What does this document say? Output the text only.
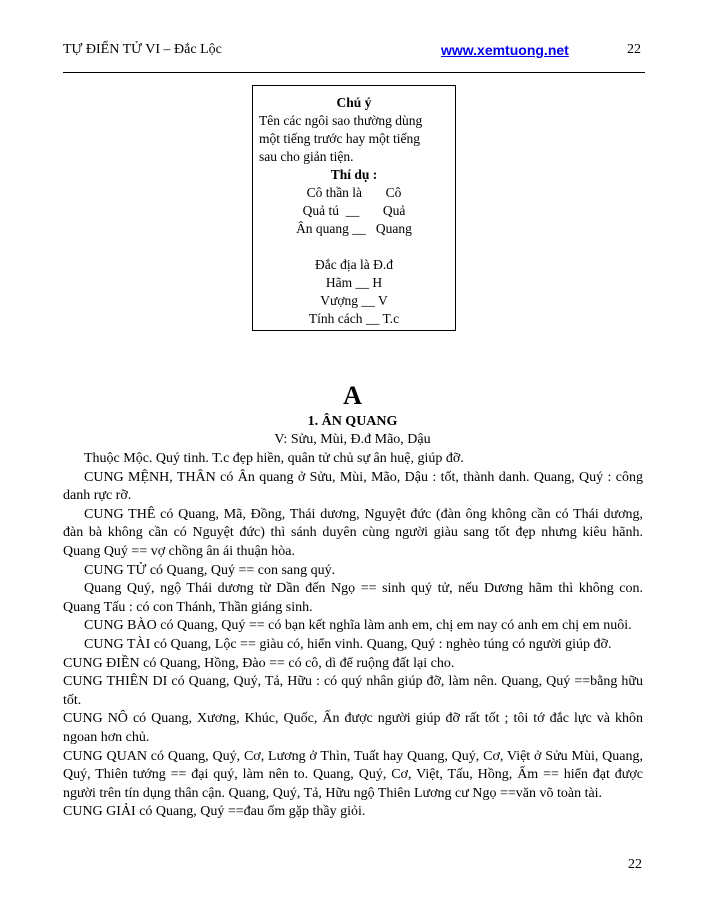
TỰ ĐIỂN TỬ VI – Đắc Lộc	www.xemtuong.net	22
Chú ý
Tên các ngôi sao thường dùng
một tiếng trước hay một tiếng
sau cho giản tiện.
Thí dụ :
Cô thần là       Cô
Quả tú  __       Quả
Ân quang __   Quang
Đắc địa là Đ.đ
Hãm __ H
Vượng __ V
Tính cách __ T.c
A
1. ÂN QUANG
V: Sửu, Mùi, Đ.đ Mão, Dậu

Thuộc Mộc. Quý tinh. T.c đẹp hiền, quân tử chủ sự ân huệ, giúp đỡ.

CUNG MỆNH, THÂN có Ân quang ở Sửu, Mùi, Mão, Dậu : tốt, thành danh. Quang, Quý : công danh rực rỡ.

CUNG THÊ có Quang, Mã, Đồng, Thái dương, Nguyệt đức (đàn ông không cần có Thái dương, đàn bà không cần có Nguyệt đức) thì sánh duyên cùng người giàu sang tốt đẹp nhưng kiêu hãnh. Quang Quý == vợ chồng ân ái thuận hòa.

CUNG TỬ có Quang, Quý == con sang quý.

Quang Quý, ngộ Thái dương từ Dần đến Ngọ == sinh quý tử, nếu Dương hãm thì không con. Quang Tấu : có con Thánh, Thần giáng sinh.

CUNG BÀO có Quang, Quý == có bạn kết nghĩa làm anh em, chị em nay có anh em chị em nuôi.

CUNG TÀI có Quang, Lộc == giàu có, hiển vinh. Quang, Quý : nghèo túng có người giúp đỡ.

CUNG ĐIỀN có Quang, Hồng, Đào == có cô, dì để ruộng đất lại cho.

CUNG THIÊN DI có Quang, Quý, Tả, Hữu : có quý nhân giúp đỡ, làm nên. Quang, Quý ==bằng hữu tốt.

CUNG NÔ có Quang, Xương, Khúc, Quốc, Ấn được người giúp đỡ rất tốt ; tôi tớ đắc lực và khôn ngoan hơn chủ.

CUNG QUAN có Quang, Quý, Cơ, Lương ở Thìn, Tuất hay Quang, Quý, Cơ, Việt ở Sửu Mùi, Quang, Quý, Thiên tướng == đại quý, làm nên to. Quang, Quý, Cơ, Việt, Tấu, Hồng, Ấm == hiển đạt được người trên tín dụng thân cận. Quang, Quý, Tả, Hữu ngộ Thiên Lương cư Ngọ ==văn võ toàn tài.

CUNG GIẢI có Quang, Quý ==đau ốm gặp thầy giỏi.

22
